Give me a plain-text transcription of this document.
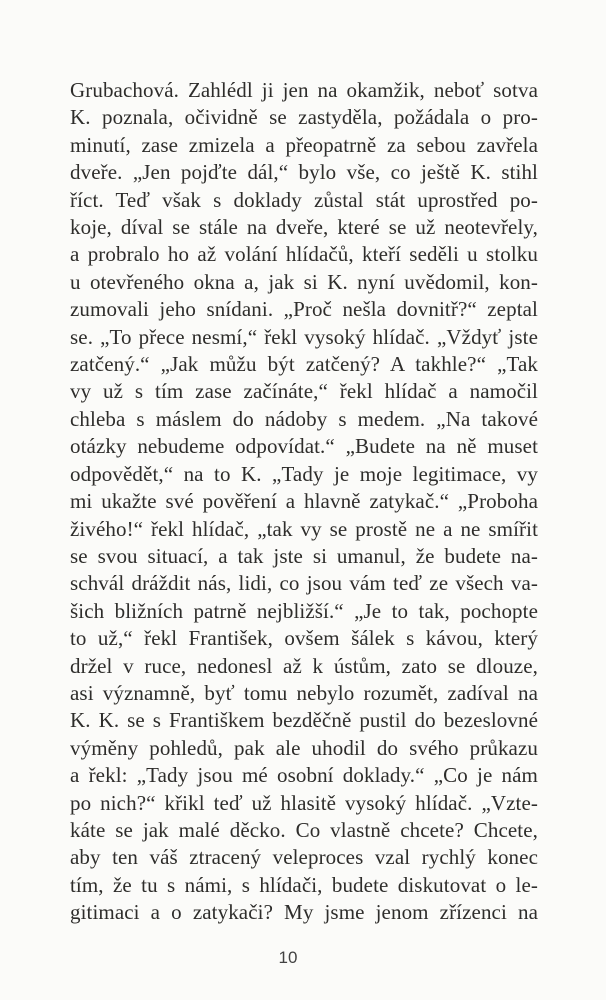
Grubachová. Zahlédl ji jen na okamžik, neboť sotva
K. poznala, očividně se zastyděla, požádala o pro-
minutí, zase zmizela a přeopatrně za sebou zavřela
dveře. „Jen pojďte dál,“ bylo vše, co ještě K. stihl
říct. Teď však s doklady zůstal stát uprostřed po-
koje, díval se stále na dveře, které se už neotevřely,
a probralo ho až volání hlídačů, kteří seděli u stolku
u otevřeného okna a, jak si K. nyní uvědomil, kon-
zumovali jeho snídani. „Proč nešla dovnitř?“ zeptal
se. „To přece nesmí,“ řekl vysoký hlídač. „Vždyť jste
zatčený.“ „Jak můžu být zatčený? A takhle?“ „Tak
vy už s tím zase začínáte,“ řekl hlídač a namočil
chleba s máslem do nádoby s medem. „Na takové
otázky nebudeme odpovídat.“ „Budete na ně muset
odpovědět,“ na to K. „Tady je moje legitimace, vy
mi ukažte své pověření a hlavně zatykač.“ „Proboha
živého!“ řekl hlídač, „tak vy se prostě ne a ne smířit
se svou situací, a tak jste si umanul, že budete na-
schvál dráždit nás, lidi, co jsou vám teď ze všech va-
šich bližních patrně nejbližší.“ „Je to tak, pochopte
to už,“ řekl František, ovšem šálek s kávou, který
držel v ruce, nedonesl až k ústům, zato se dlouze,
asi významně, byť tomu nebylo rozumět, zadíval na
K. K. se s Františkem bezděčně pustil do bezeslovné
výměny pohledů, pak ale uhodil do svého průkazu
a řekl: „Tady jsou mé osobní doklady.“ „Co je nám
po nich?“ křikl teď už hlasitě vysoký hlídač. „Vzte-
káte se jak malé děcko. Co vlastně chcete? Chcete,
aby ten váš ztracený veleproces vzal rychlý konec
tím, že tu s námi, s hlídači, budete diskutovat o le-
gitimaci a o zatykači? My jsme jenom zřízenci na
10
